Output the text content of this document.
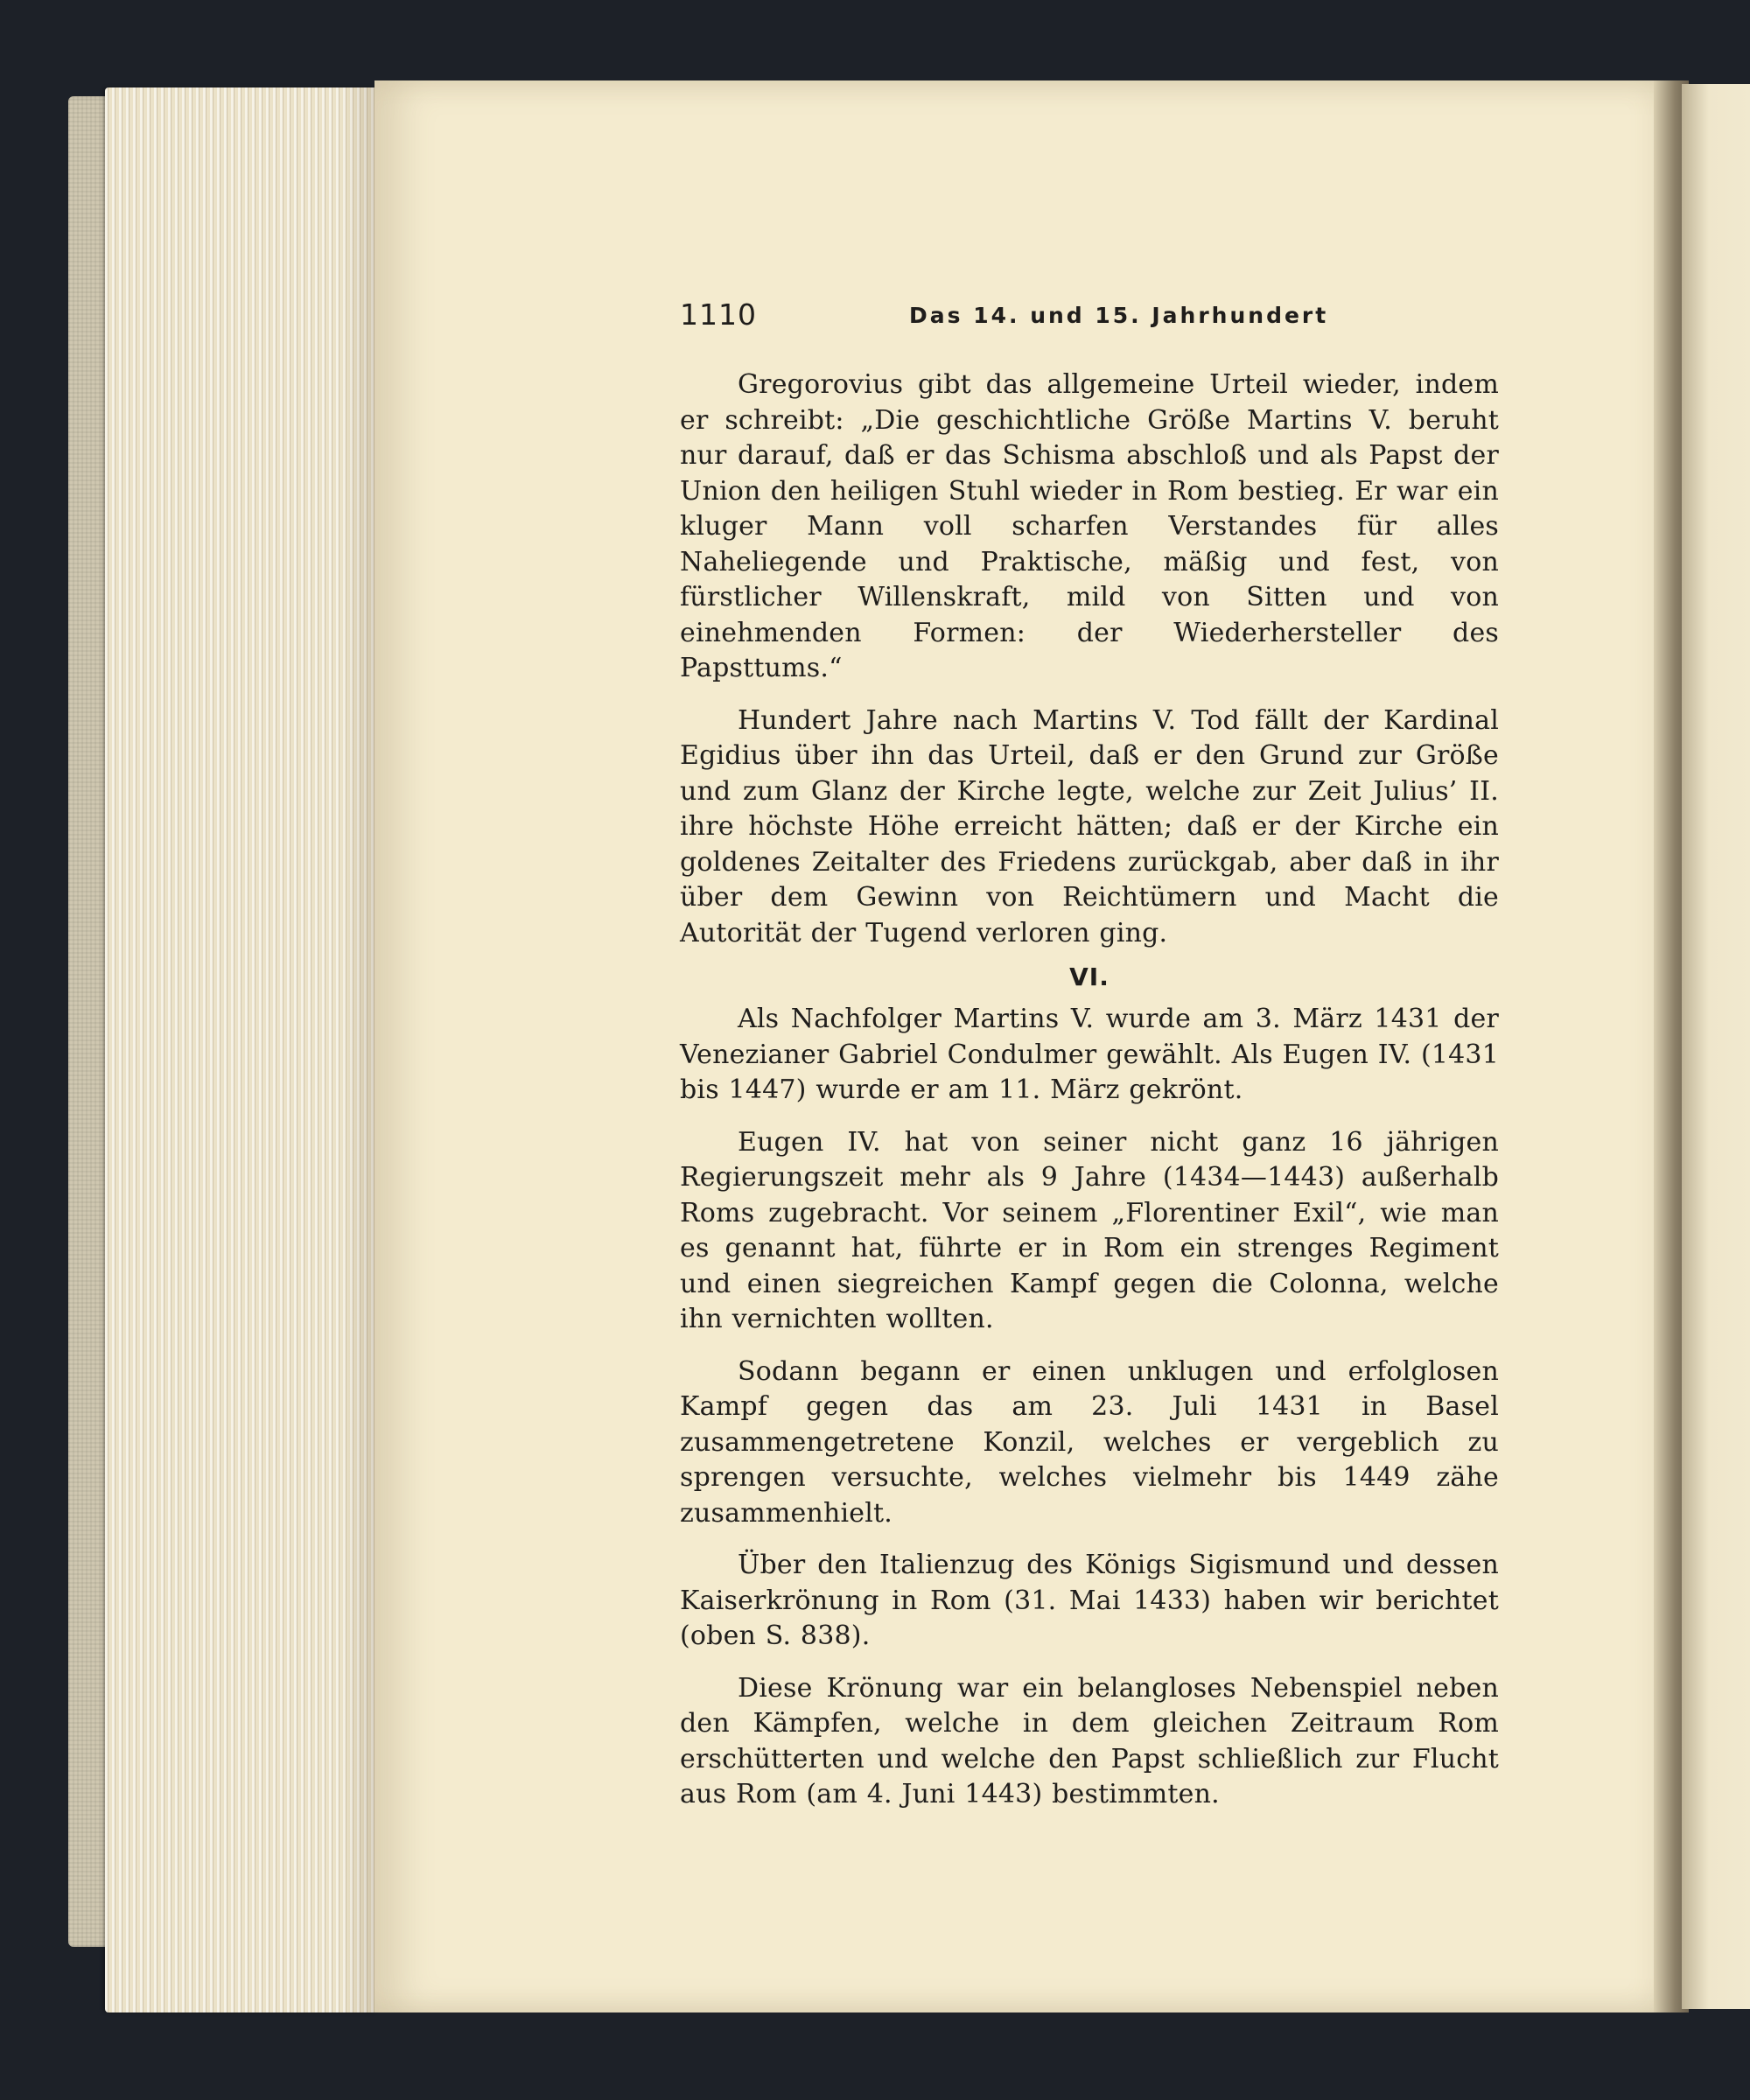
1110	Das 14. und 15. Jahrhundert

Gregorovius gibt das allgemeine Urteil wieder, indem er schreibt: „Die geschichtliche Größe Martins V. beruht nur darauf, daß er das Schisma abschloß und als Papst der Union den heiligen Stuhl wieder in Rom bestieg. Er war ein kluger Mann voll scharfen Verstandes für alles Naheliegende und Praktische, mäßig und fest, von fürstlicher Willenskraft, mild von Sitten und von einehmenden Formen: der Wiederhersteller des Papsttums.“

Hundert Jahre nach Martins V. Tod fällt der Kardinal Egidius über ihn das Urteil, daß er den Grund zur Größe und zum Glanz der Kirche legte, welche zur Zeit Julius’ II. ihre höchste Höhe erreicht hätten; daß er der Kirche ein goldenes Zeitalter des Friedens zurückgab, aber daß in ihr über dem Gewinn von Reichtümern und Macht die Autorität der Tugend verloren ging.

VI.

Als Nachfolger Martins V. wurde am 3. März 1431 der Venezianer Gabriel Condulmer gewählt. Als Eugen IV. (1431 bis 1447) wurde er am 11. März gekrönt.

Eugen IV. hat von seiner nicht ganz 16 jährigen Regierungszeit mehr als 9 Jahre (1434—1443) außerhalb Roms zugebracht. Vor seinem „Florentiner Exil“, wie man es genannt hat, führte er in Rom ein strenges Regiment und einen siegreichen Kampf gegen die Colonna, welche ihn vernichten wollten.

Sodann begann er einen unklugen und erfolglosen Kampf gegen das am 23. Juli 1431 in Basel zusammengetretene Konzil, welches er vergeblich zu sprengen versuchte, welches vielmehr bis 1449 zähe zusammenhielt.

Über den Italienzug des Königs Sigismund und dessen Kaiserkrönung in Rom (31. Mai 1433) haben wir berichtet (oben S. 838).

Diese Krönung war ein belangloses Nebenspiel neben den Kämpfen, welche in dem gleichen Zeitraum Rom erschütterten und welche den Papst schließlich zur Flucht aus Rom (am 4. Juni 1443) bestimmten.
